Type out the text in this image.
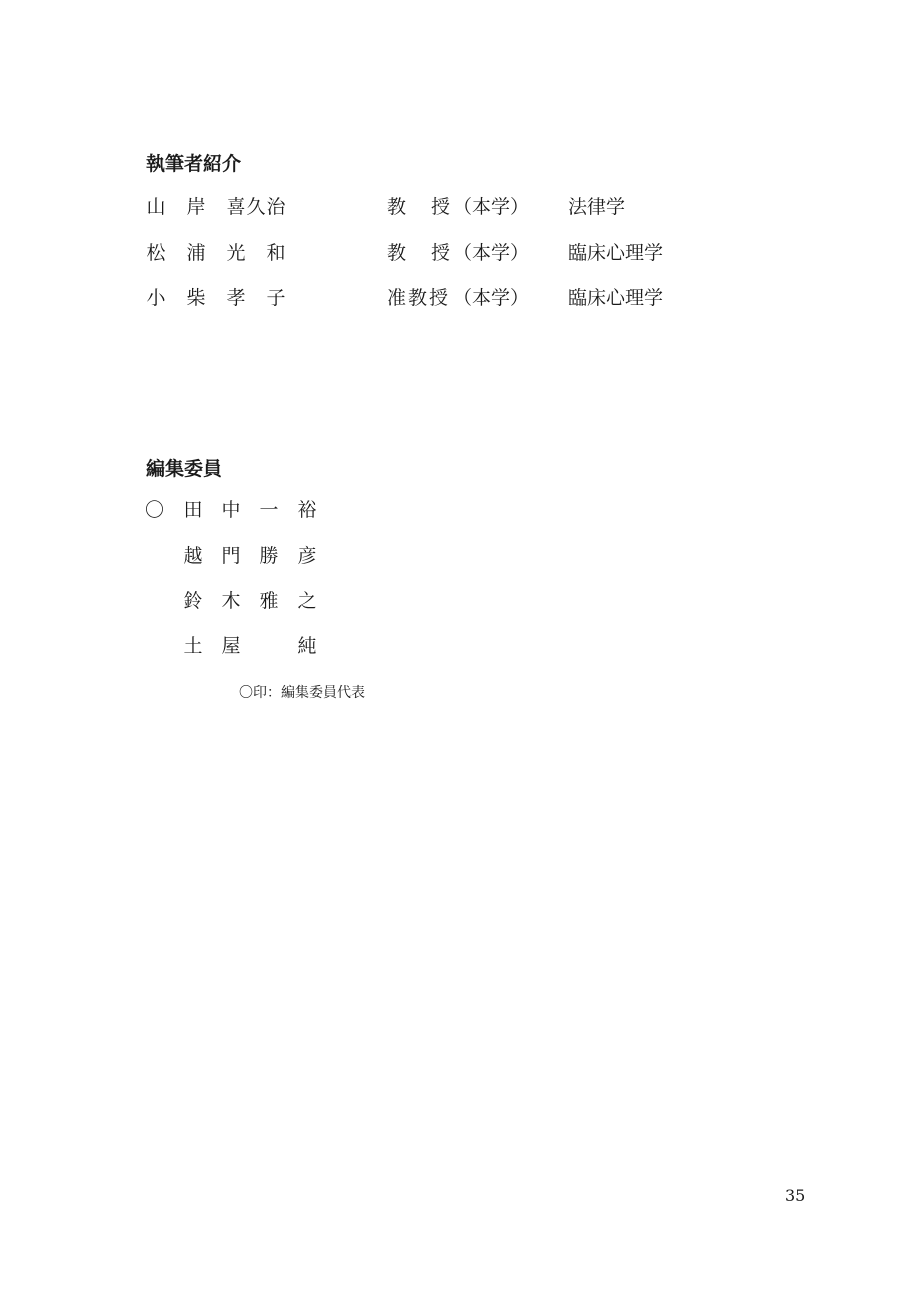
執筆者紹介
山 岸 喜 久 治	教 授 （本学） 法律学
松 浦 光 和	教 授 （本学） 臨床心理学
小 柴 孝 子	准 教 授 （本学） 臨床心理学
編集委員
〇 田 中 一 裕
越 門 勝 彦
鈴 木 雅 之
土 屋	純
〇印：編集委員代表
35
